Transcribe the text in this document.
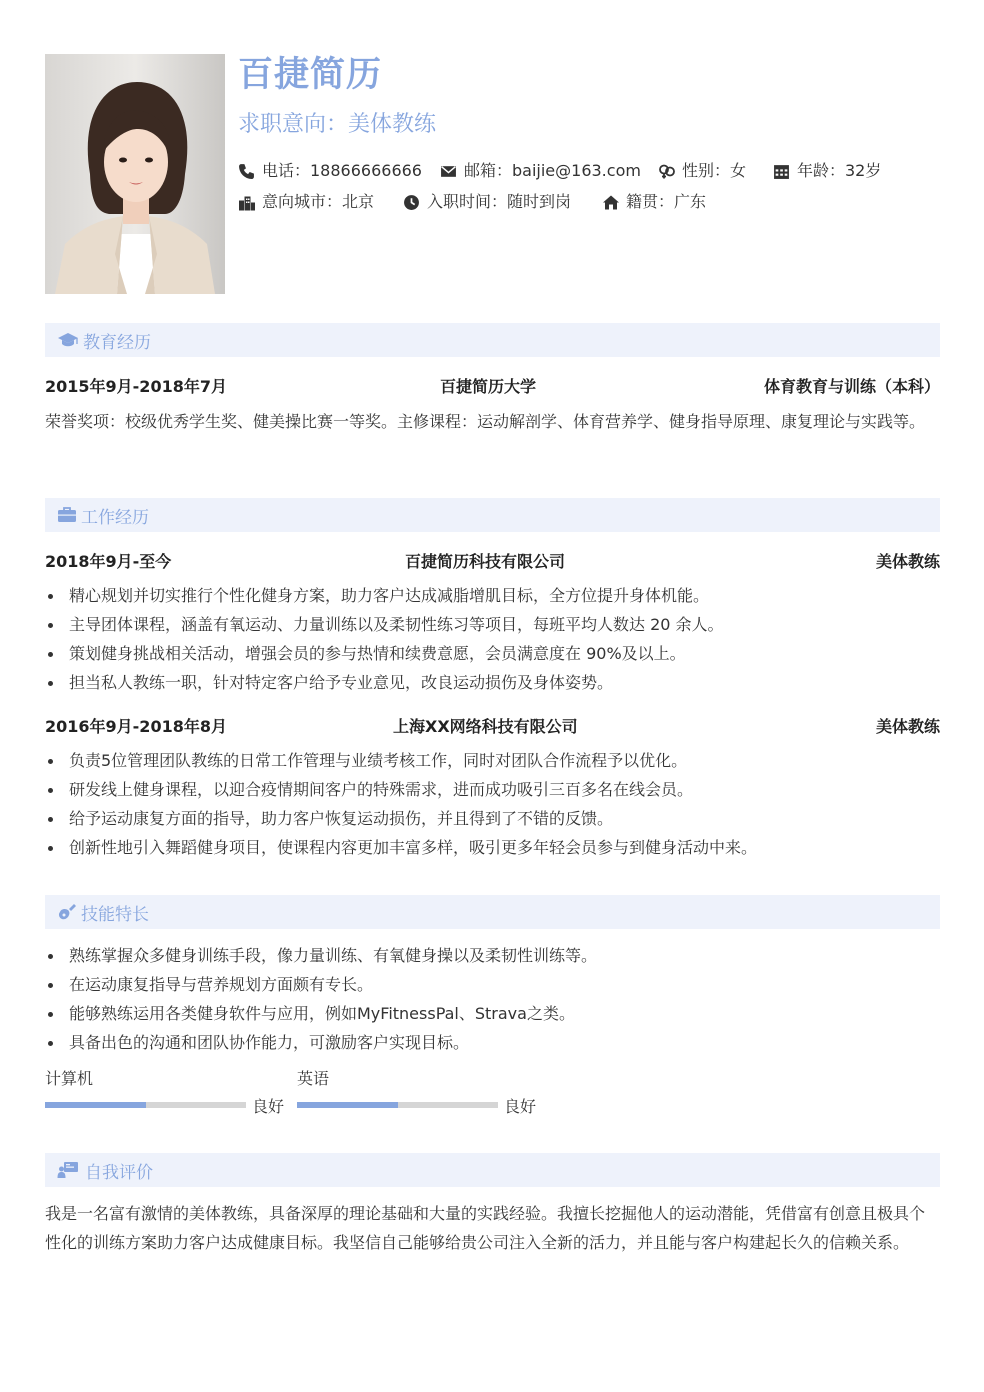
百捷简历
求职意向：美体教练
电话：18866666666	邮箱：baijie@163.com	性别：女	年龄：32岁
意向城市：北京	入职时间：随时到岗	籍贯：广东
教育经历
2015年9月-2018年7月	百捷简历大学	体育教育与训练（本科）
荣誉奖项：校级优秀学生奖、健美操比赛一等奖。主修课程：运动解剖学、体育营养学、健身指导原理、康复理论与实践等。
工作经历
2018年9月-至今	百捷简历科技有限公司	美体教练
精心规划并切实推行个性化健身方案，助力客户达成减脂增肌目标，全方位提升身体机能。
主导团体课程，涵盖有氧运动、力量训练以及柔韧性练习等项目，每班平均人数达 20 余人。
策划健身挑战相关活动，增强会员的参与热情和续费意愿，会员满意度在 90%及以上。
担当私人教练一职，针对特定客户给予专业意见，改良运动损伤及身体姿势。
2016年9月-2018年8月	上海XX网络科技有限公司	美体教练
负责5位管理团队教练的日常工作管理与业绩考核工作，同时对团队合作流程予以优化。
研发线上健身课程，以迎合疫情期间客户的特殊需求，进而成功吸引三百多名在线会员。
给予运动康复方面的指导，助力客户恢复运动损伤，并且得到了不错的反馈。
创新性地引入舞蹈健身项目，使课程内容更加丰富多样，吸引更多年轻会员参与到健身活动中来。
技能特长
熟练掌握众多健身训练手段，像力量训练、有氧健身操以及柔韧性训练等。
在运动康复指导与营养规划方面颇有专长。
能够熟练运用各类健身软件与应用，例如MyFitnessPal、Strava之类。
具备出色的沟通和团队协作能力，可激励客户实现目标。
计算机
良好
英语
良好
自我评价
我是一名富有激情的美体教练，具备深厚的理论基础和大量的实践经验。我擅长挖掘他人的运动潜能，凭借富有创意且极具个性化的训练方案助力客户达成健康目标。我坚信自己能够给贵公司注入全新的活力，并且能与客户构建起长久的信赖关系。
